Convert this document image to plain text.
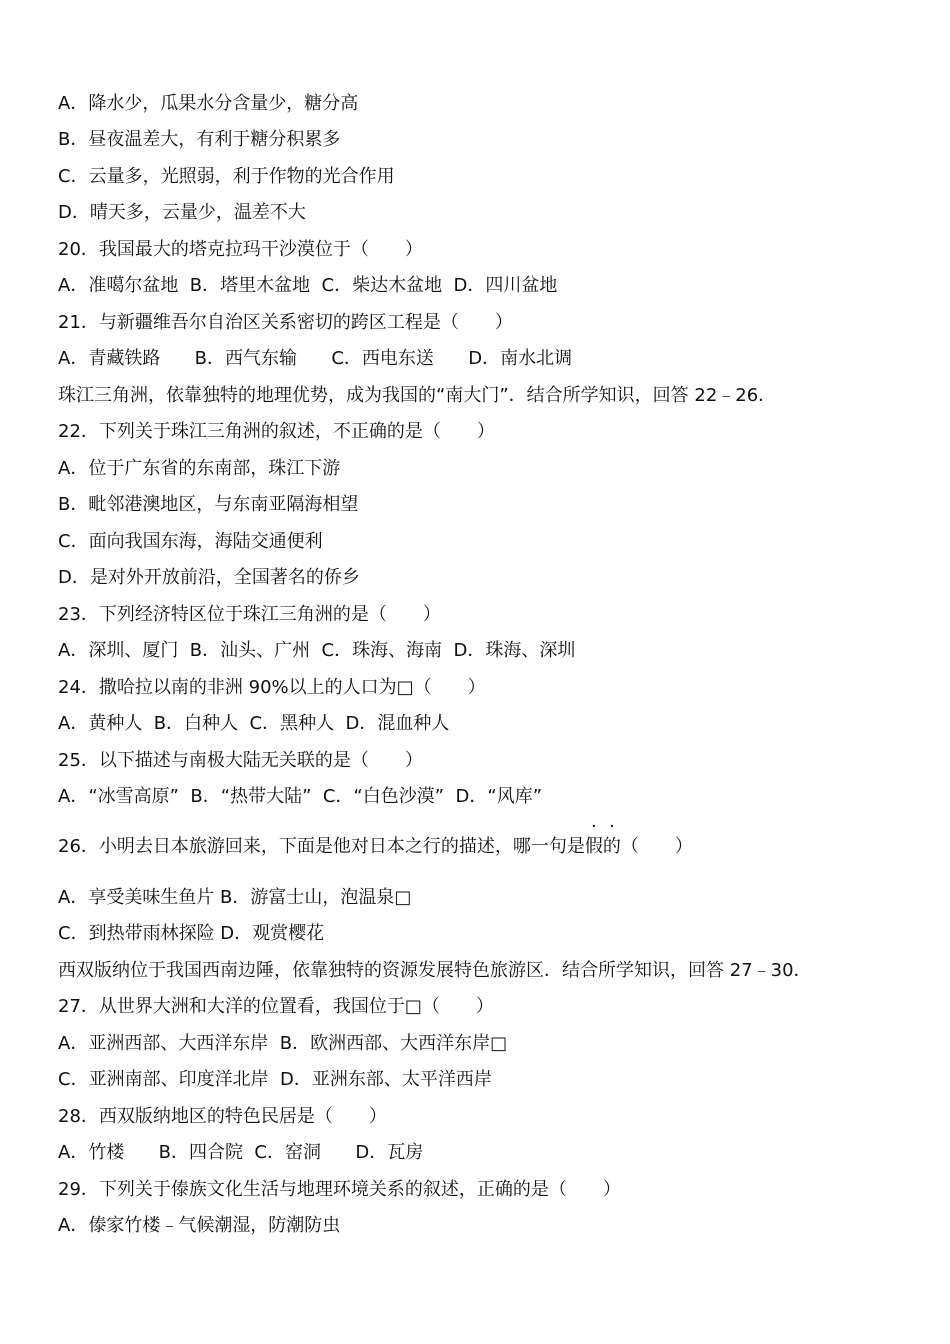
A．降水少，瓜果水分含量少，糖分高
B．昼夜温差大，有利于糖分积累多
C．云量多，光照弱，利于作物的光合作用
D．晴天多，云量少，温差不大
20．我国最大的塔克拉玛干沙漠位于（　　）
A．准噶尔盆地  B．塔里木盆地  C．柴达木盆地  D．四川盆地
21．与新疆维吾尔自治区关系密切的跨区工程是（　　）
A．青藏铁路      B．西气东输      C．西电东送      D．南水北调
珠江三角洲，依靠独特的地理优势，成为我国的“南大门”．结合所学知识，回答 22﹣26．
22．下列关于珠江三角洲的叙述，不正确的是（　　）
A．位于广东省的东南部，珠江下游
B．毗邻港澳地区，与东南亚隔海相望
C．面向我国东海，海陆交通便利
D．是对外开放前沿，全国著名的侨乡
23．下列经济特区位于珠江三角洲的是（　　）
A．深圳、厦门  B．汕头、广州  C．珠海、海南  D．珠海、深圳
24．撒哈拉以南的非洲 90%以上的人口为□（　　）
A．黄种人  B．白种人  C．黑种人  D．混血种人
25．以下描述与南极大陆无关联的是（　　）
A．“冰雪高原”  B．“热带大陆”  C．“白色沙漠”  D．“风库”
26．小明去日本旅游回来，下面是他对日本之行的描述，哪一句是假的（　　）
A．享受美味生鱼片 B．游富士山，泡温泉□
C．到热带雨林探险 D．观赏樱花
西双版纳位于我国西南边陲，依靠独特的资源发展特色旅游区．结合所学知识，回答 27﹣30．
27．从世界大洲和大洋的位置看，我国位于□（　　）
A．亚洲西部、大西洋东岸  B．欧洲西部、大西洋东岸□
C．亚洲南部、印度洋北岸  D．亚洲东部、太平洋西岸
28．西双版纳地区的特色民居是（　　）
A．竹楼      B．四合院  C．窑洞      D．瓦房
29．下列关于傣族文化生活与地理环境关系的叙述，正确的是（　　）
A．傣家竹楼﹣气候潮湿，防潮防虫
